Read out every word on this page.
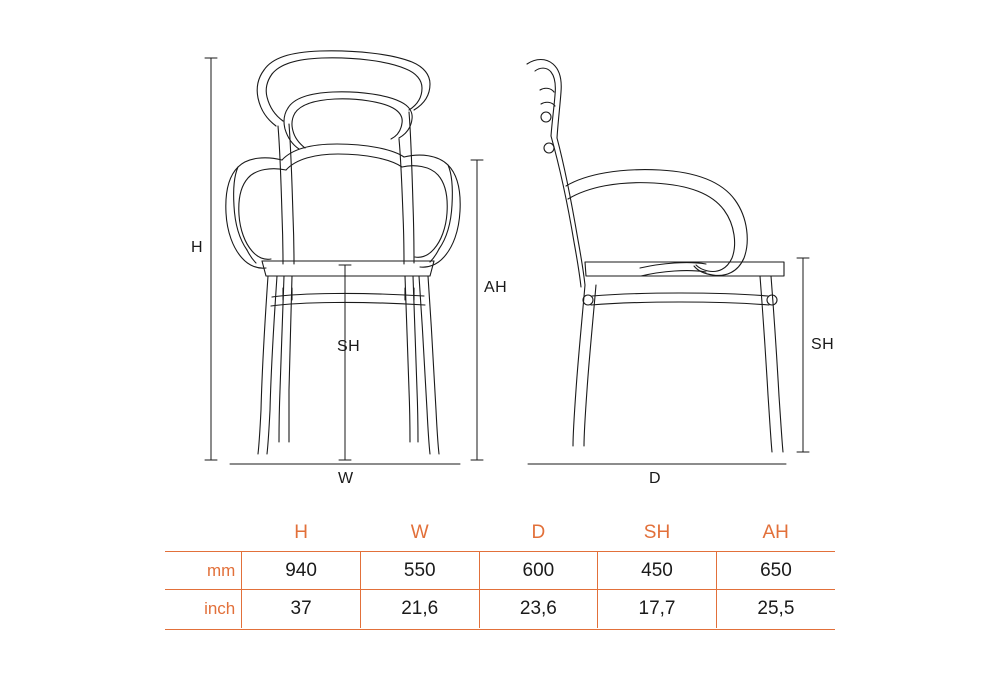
H
AH
SH
W	D
SH
	H	W	D	SH	AH
mm	940	550	600	450	650
inch	37	21,6	23,6	17,7	25,5
